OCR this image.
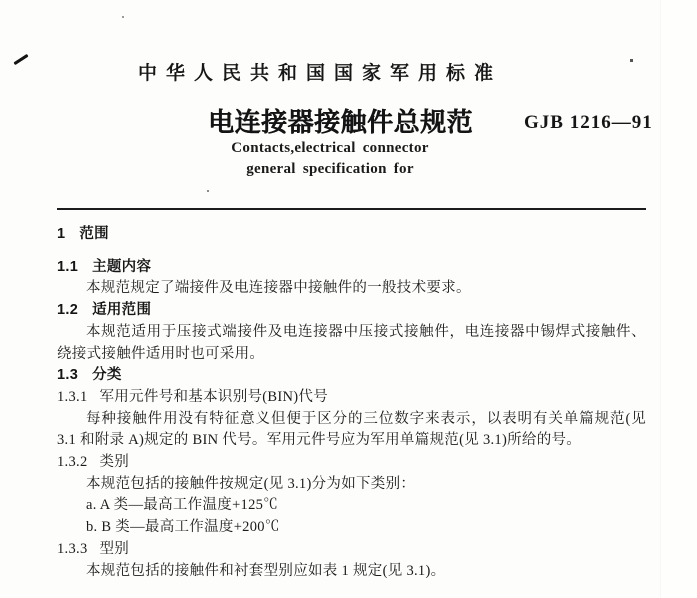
中华人民共和国国家军用标准
电连接器接触件总规范	GJB 1216—91
Contacts,electrical connector
general specification for
1 范围
1.1 主题内容

本规范规定了端接件及电连接器中接触件的一般技术要求。

1.2 适用范围

本规范适用于压接式端接件及电连接器中压接式接触件，电连接器中锡焊式接触件、绕接式接触件适用时也可采用。

1.3 分类
1.3.1 军用元件号和基本识别号(BIN)代号

每种接触件用没有特征意义但便于区分的三位数字来表示，以表明有关单篇规范(见 3.1 和附录 A)规定的 BIN 代号。军用元件号应为军用单篇规范(见 3.1)所给的号。

1.3.2 类别

本规范包括的接触件按规定(见 3.1)分为如下类别：

a. A 类—最高工作温度+125℃
b. B 类—最高工作温度+200℃
1.3.3 型别

本规范包括的接触件和衬套型别应如表 1 规定(见 3.1)。
